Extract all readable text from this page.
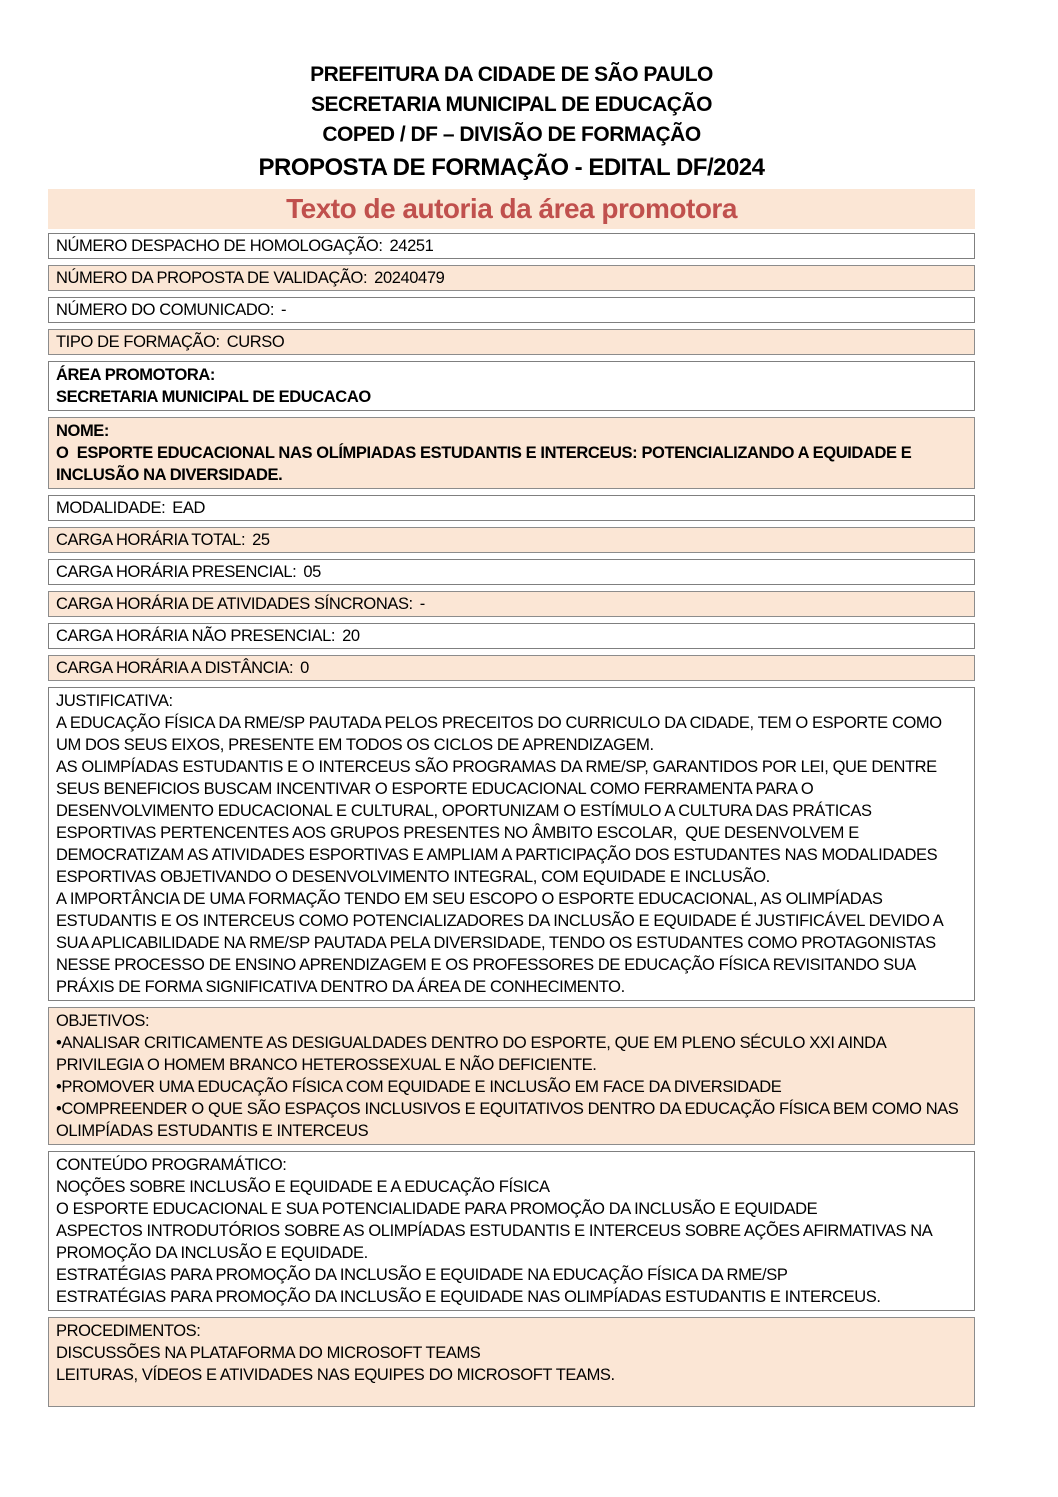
PREFEITURA DA CIDADE DE SÃO PAULO
SECRETARIA MUNICIPAL DE EDUCAÇÃO
COPED / DF – DIVISÃO DE FORMAÇÃO
PROPOSTA DE FORMAÇÃO - EDITAL DF/2024
Texto de autoria da área promotora
NÚMERO DESPACHO DE HOMOLOGAÇÃO: 24251
NÚMERO DA PROPOSTA DE VALIDAÇÃO: 20240479
NÚMERO DO COMUNICADO: -
TIPO DE FORMAÇÃO: CURSO
ÁREA PROMOTORA:
SECRETARIA MUNICIPAL DE EDUCACAO
NOME:
O  ESPORTE EDUCACIONAL NAS OLÍMPIADAS ESTUDANTIS E INTERCEUS: POTENCIALIZANDO A EQUIDADE E INCLUSÃO NA DIVERSIDADE.
MODALIDADE: EAD
CARGA HORÁRIA TOTAL: 25
CARGA HORÁRIA PRESENCIAL: 05
CARGA HORÁRIA DE ATIVIDADES SÍNCRONAS: -
CARGA HORÁRIA NÃO PRESENCIAL: 20
CARGA HORÁRIA A DISTÂNCIA: 0
JUSTIFICATIVA:
A EDUCAÇÃO FÍSICA DA RME/SP PAUTADA PELOS PRECEITOS DO CURRICULO DA CIDADE, TEM O ESPORTE COMO UM DOS SEUS EIXOS, PRESENTE EM TODOS OS CICLOS DE APRENDIZAGEM.
AS OLIMPÍADAS ESTUDANTIS E O INTERCEUS SÃO PROGRAMAS DA RME/SP, GARANTIDOS POR LEI, QUE DENTRE SEUS BENEFICIOS BUSCAM INCENTIVAR O ESPORTE EDUCACIONAL COMO FERRAMENTA PARA O DESENVOLVIMENTO EDUCACIONAL E CULTURAL, OPORTUNIZAM O ESTÍMULO A CULTURA DAS PRÁTICAS ESPORTIVAS PERTENCENTES AOS GRUPOS PRESENTES NO ÂMBITO ESCOLAR,  QUE DESENVOLVEM E DEMOCRATIZAM AS ATIVIDADES ESPORTIVAS E AMPLIAM A PARTICIPAÇÃO DOS ESTUDANTES NAS MODALIDADES ESPORTIVAS OBJETIVANDO O DESENVOLVIMENTO INTEGRAL, COM EQUIDADE E INCLUSÃO.
A IMPORTÂNCIA DE UMA FORMAÇÃO TENDO EM SEU ESCOPO O ESPORTE EDUCACIONAL, AS OLIMPÍADAS ESTUDANTIS E OS INTERCEUS COMO POTENCIALIZADORES DA INCLUSÃO E EQUIDADE É JUSTIFICÁVEL DEVIDO A SUA APLICABILIDADE NA RME/SP PAUTADA PELA DIVERSIDADE, TENDO OS ESTUDANTES COMO PROTAGONISTAS NESSE PROCESSO DE ENSINO APRENDIZAGEM E OS PROFESSORES DE EDUCAÇÃO FÍSICA REVISITANDO SUA PRÁXIS DE FORMA SIGNIFICATIVA DENTRO DA ÁREA DE CONHECIMENTO.
OBJETIVOS:
•ANALISAR CRITICAMENTE AS DESIGUALDADES DENTRO DO ESPORTE, QUE EM PLENO SÉCULO XXI AINDA PRIVILEGIA O HOMEM BRANCO HETEROSSEXUAL E NÃO DEFICIENTE.
•PROMOVER UMA EDUCAÇÃO FÍSICA COM EQUIDADE E INCLUSÃO EM FACE DA DIVERSIDADE
•COMPREENDER O QUE SÃO ESPAÇOS INCLUSIVOS E EQUITATIVOS DENTRO DA EDUCAÇÃO FÍSICA BEM COMO NAS OLIMPÍADAS ESTUDANTIS E INTERCEUS
CONTEÚDO PROGRAMÁTICO:
NOÇÕES SOBRE INCLUSÃO E EQUIDADE E A EDUCAÇÃO FÍSICA
O ESPORTE EDUCACIONAL E SUA POTENCIALIDADE PARA PROMOÇÃO DA INCLUSÃO E EQUIDADE
ASPECTOS INTRODUTÓRIOS SOBRE AS OLIMPÍADAS ESTUDANTIS E INTERCEUS SOBRE AÇÕES AFIRMATIVAS NA PROMOÇÃO DA INCLUSÃO E EQUIDADE.
ESTRATÉGIAS PARA PROMOÇÃO DA INCLUSÃO E EQUIDADE NA EDUCAÇÃO FÍSICA DA RME/SP
ESTRATÉGIAS PARA PROMOÇÃO DA INCLUSÃO E EQUIDADE NAS OLIMPÍADAS ESTUDANTIS E INTERCEUS.
PROCEDIMENTOS:
DISCUSSÕES NA PLATAFORMA DO MICROSOFT TEAMS
LEITURAS, VÍDEOS E ATIVIDADES NAS EQUIPES DO MICROSOFT TEAMS.
